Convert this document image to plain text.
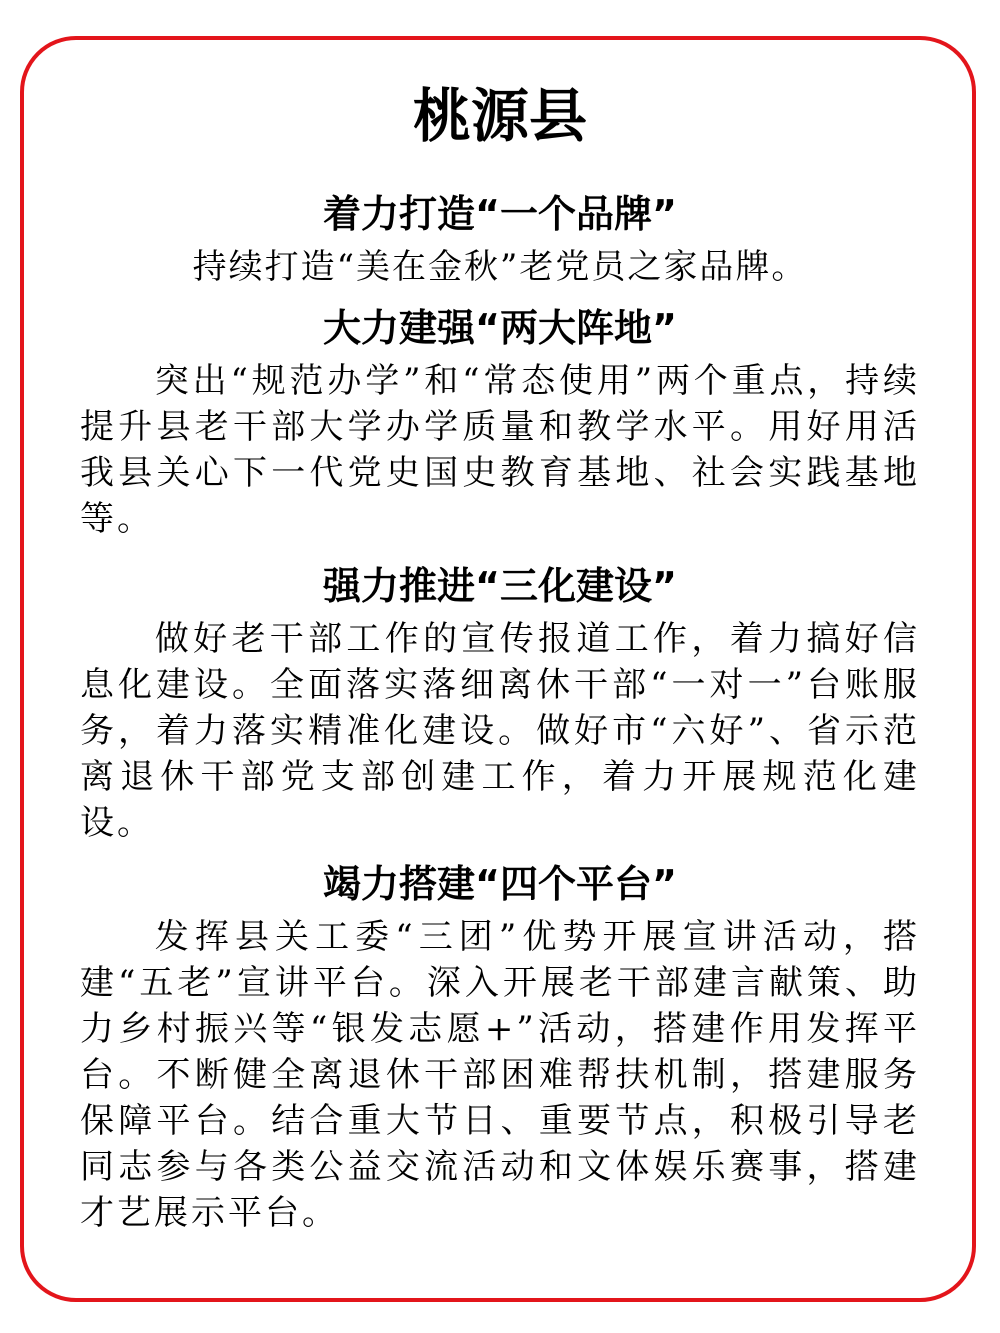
桃源县
着力打造“一个品牌”

持续打造“美在金秋”老党员之家品牌。

大力建强“两大阵地”

突出“规范办学”和“常态使用”两个重点，持续提升县老干部大学办学质量和教学水平。用好用活我县关心下一代党史国史教育基地、社会实践基地等。

强力推进“三化建设”

做好老干部工作的宣传报道工作，着力搞好信息化建设。全面落实落细离休干部“一对一”台账服务，着力落实精准化建设。做好市“六好”、省示范离退休干部党支部创建工作，着力开展规范化建设。

竭力搭建“四个平台”

发挥县关工委“三团”优势开展宣讲活动，搭建“五老”宣讲平台。深入开展老干部建言献策、助力乡村振兴等“银发志愿+”活动，搭建作用发挥平台。不断健全离退休干部困难帮扶机制，搭建服务保障平台。结合重大节日、重要节点，积极引导老同志参与各类公益交流活动和文体娱乐赛事，搭建才艺展示平台。
